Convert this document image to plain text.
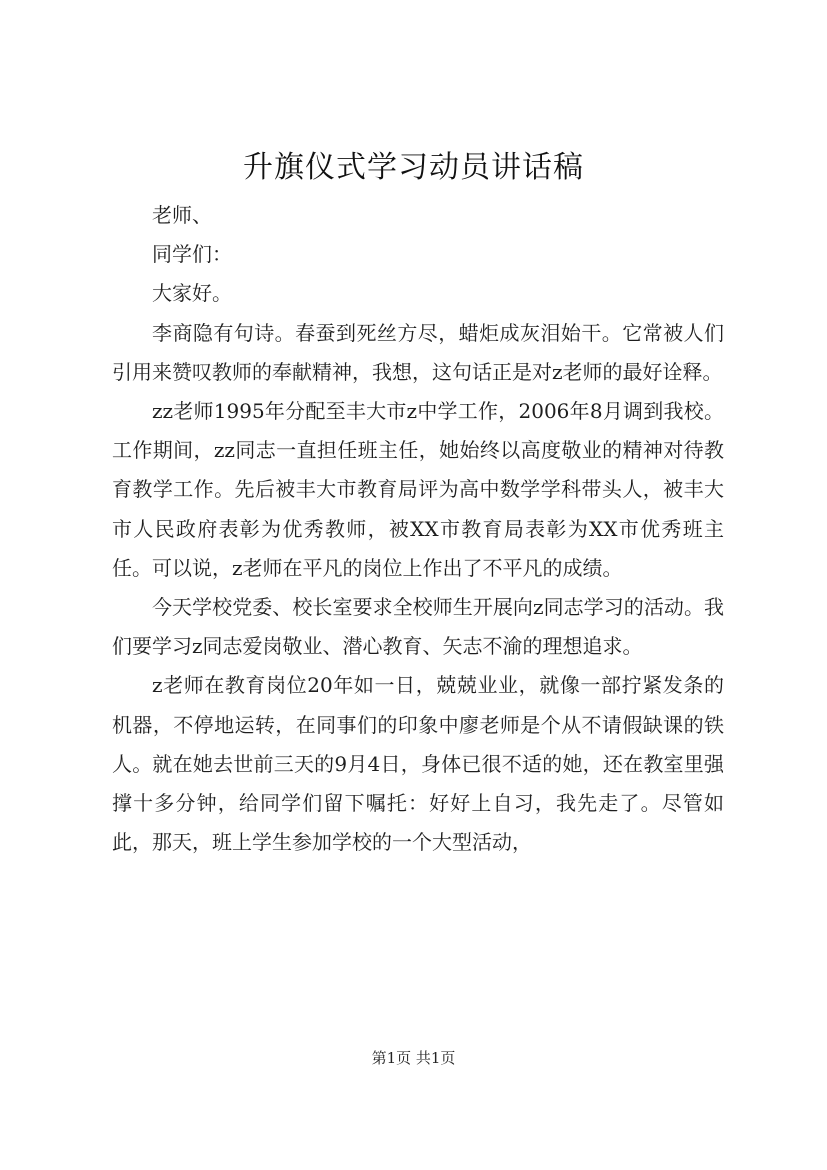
升旗仪式学习动员讲话稿

老师、

同学们：

大家好。

李商隐有句诗。春蚕到死丝方尽，蜡炬成灰泪始干。它常被人们引用来赞叹教师的奉献精神，我想，这句话正是对z老师的最好诠释。

zz老师1995年分配至丰大市z中学工作，2006年8月调到我校。工作期间，zz同志一直担任班主任，她始终以高度敬业的精神对待教育教学工作。先后被丰大市教育局评为高中数学学科带头人，被丰大市人民政府表彰为优秀教师，被XX市教育局表彰为XX市优秀班主任。可以说，z老师在平凡的岗位上作出了不平凡的成绩。

今天学校党委、校长室要求全校师生开展向z同志学习的活动。我们要学习z同志爱岗敬业、潜心教育、矢志不渝的理想追求。

z老师在教育岗位20年如一日，兢兢业业，就像一部拧紧发条的机器，不停地运转，在同事们的印象中廖老师是个从不请假缺课的铁人。就在她去世前三天的9月4日，身体已很不适的她，还在教室里强撑十多分钟，给同学们留下嘱托：好好上自习，我先走了。尽管如此，那天，班上学生参加学校的一个大型活动，

第1页 共1页
